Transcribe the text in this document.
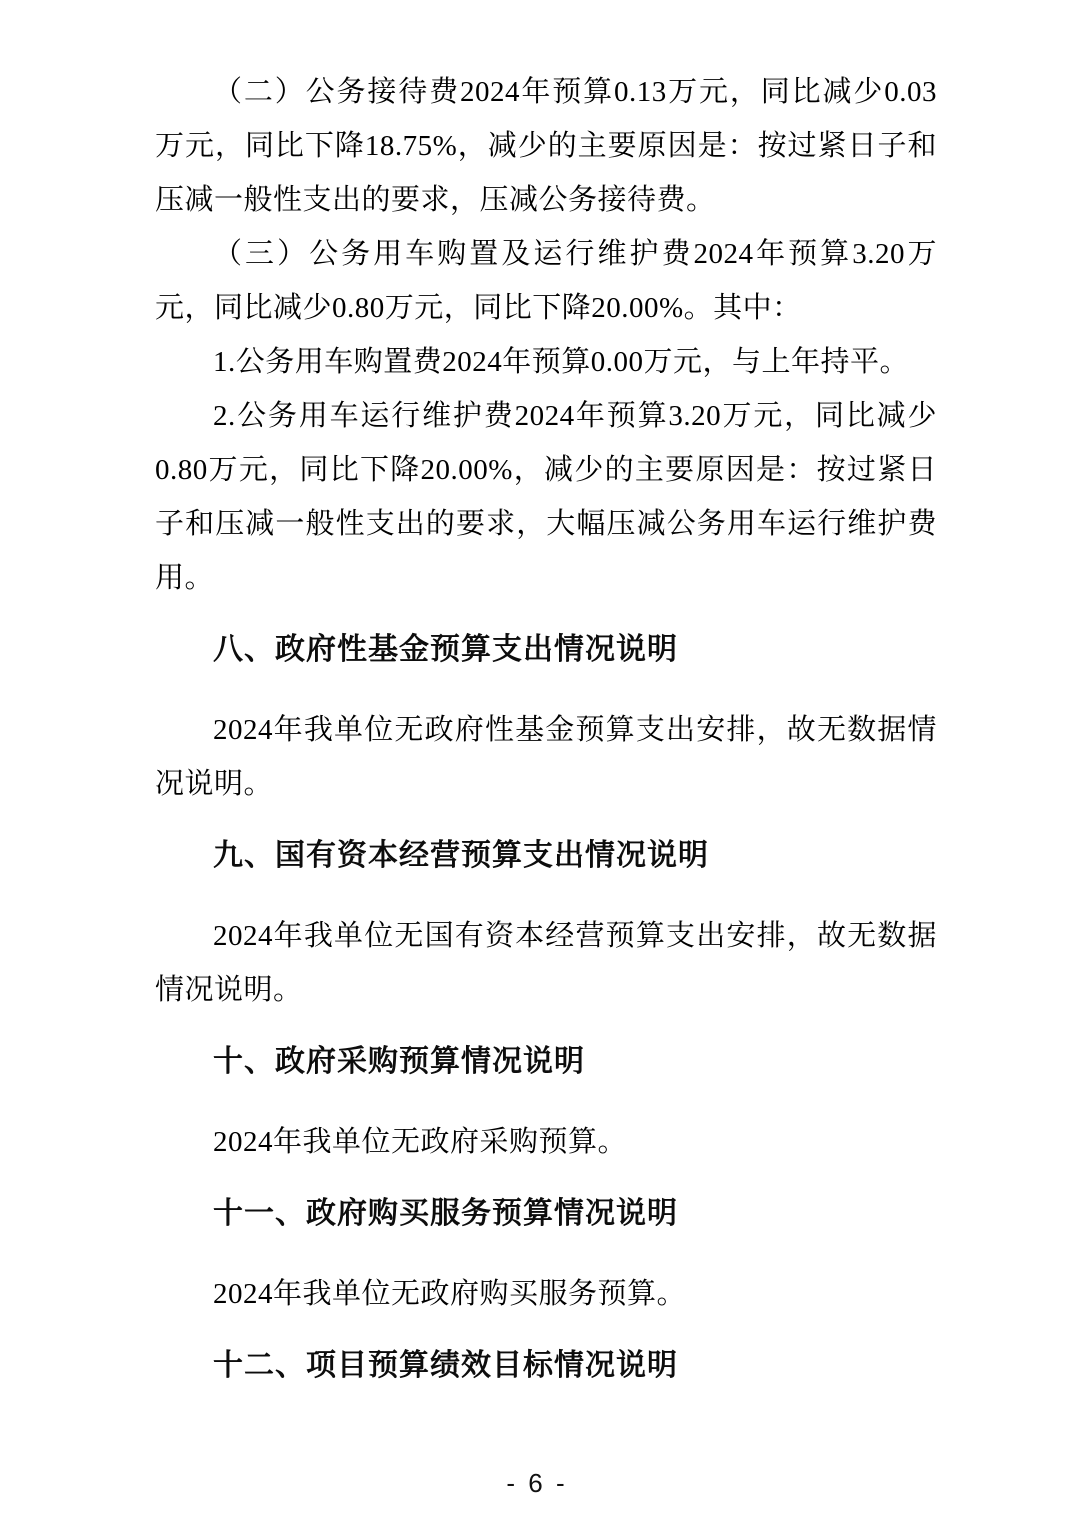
（二）公务接待费2024年预算0.13万元，同比减少0.03万元，同比下降18.75%，减少的主要原因是：按过紧日子和压减一般性支出的要求，压减公务接待费。

（三）公务用车购置及运行维护费2024年预算3.20万元，同比减少0.80万元，同比下降20.00%。其中：

1.公务用车购置费2024年预算0.00万元，与上年持平。

2.公务用车运行维护费2024年预算3.20万元，同比减少0.80万元，同比下降20.00%，减少的主要原因是：按过紧日子和压减一般性支出的要求，大幅压减公务用车运行维护费用。

八、政府性基金预算支出情况说明

2024年我单位无政府性基金预算支出安排，故无数据情况说明。

九、国有资本经营预算支出情况说明

2024年我单位无国有资本经营预算支出安排，故无数据情况说明。

十、政府采购预算情况说明

2024年我单位无政府采购预算。

十一、政府购买服务预算情况说明

2024年我单位无政府购买服务预算。

十二、项目预算绩效目标情况说明
- 6 -
